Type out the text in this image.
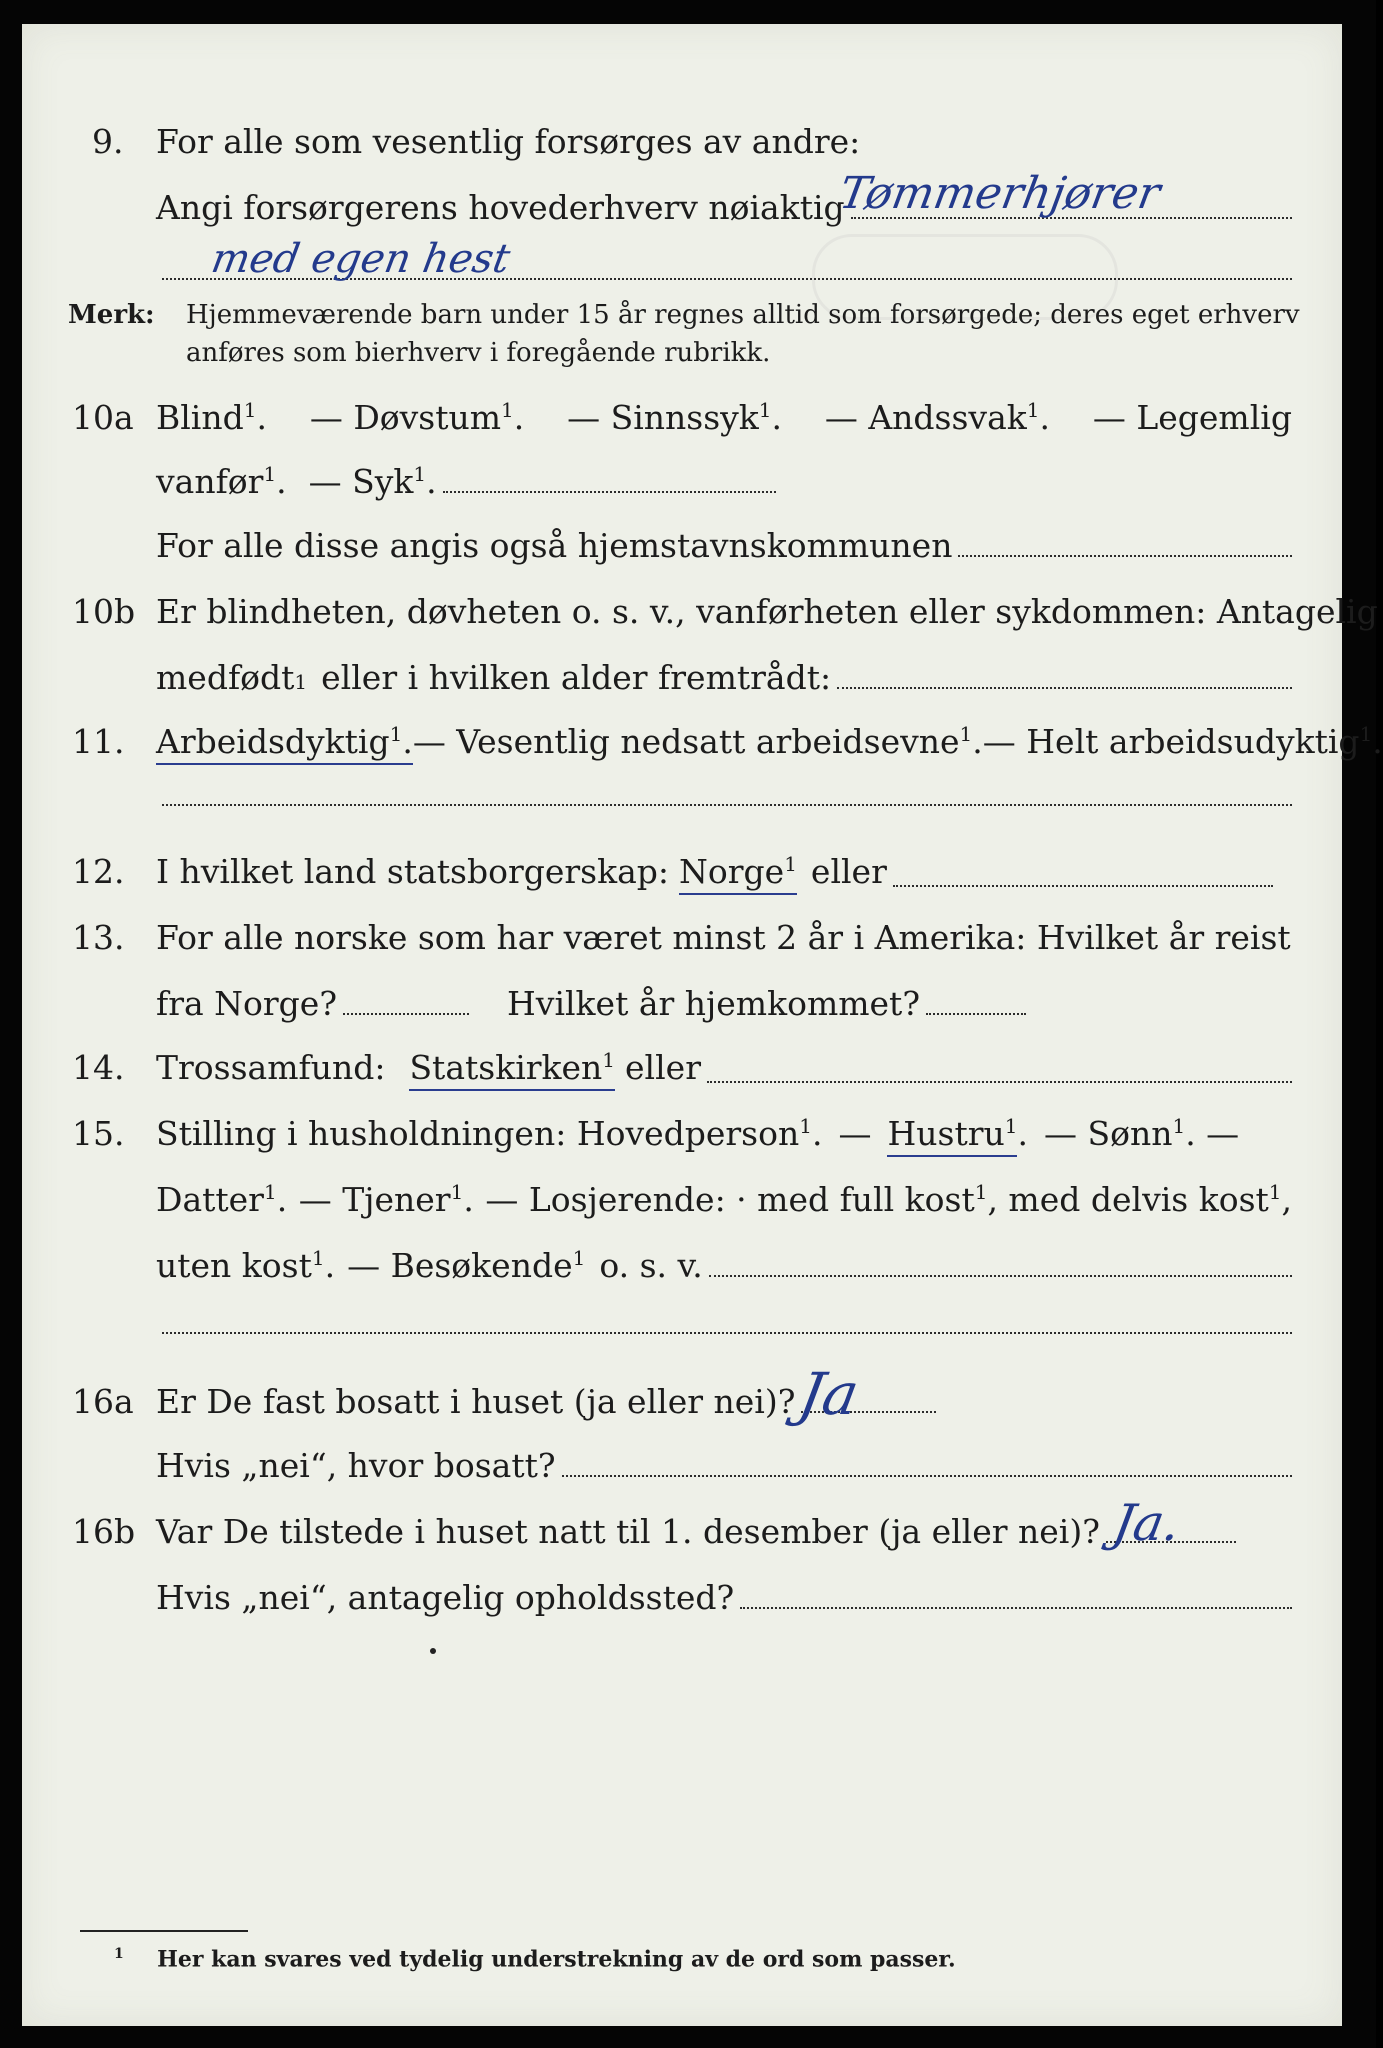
9. For alle som vesentlig forsørges av andre:
Angi forsørgerens hovederhverv nøiaktig
Tømmerhjører
med egen hest
Merk: Hjemmeværende barn under 15 år regnes alltid som forsørgede; deres eget erhverv
anføres som bierhverv i foregående rubrikk.
10a Blind$^1$. — Døvstum$^1$. — Sinnssyk$^1$. — Andssvak$^1$. — Legemlig
vanfør$^1$. — Syk$^1$.
For alle disse angis også hjemstavnskommunen
10b Er blindheten, døvheten o. s. v., vanførheten eller sykdommen: Antagelig
medfødt 1 eller i hvilken alder fremtrådt:
11. Arbeidsdyktig$^1$. — Vesentlig nedsatt arbeidsevne$^1$. — Helt arbeidsudyktig$^1$.
12. I hvilket land statsborgerskap: Norge$^1$ eller
13. For alle norske som har været minst 2 år i Amerika: Hvilket år reist
fra Norge?	Hvilket år hjemkommet?
14. Trossamfund: Statskirken$^1$ eller
15. Stilling i husholdningen: Hovedperson$^1$. — Hustru$^1$ . — Sønn$^1$. —
Datter$^1$. — Tjener$^1$. — Losjerende: · med full kost$^1$ , med delvis kost$^1$,
uten kost$^1$. — Besøkende$^1$ o. s. v.
16a Er De fast bosatt i huset (ja eller nei)?
Ja
Hvis „nei“, hvor bosatt?
16b Var De tilstede i huset natt til 1. desember (ja eller nei)? Ja.
Hvis „nei“, antagelig opholdssted?
$^1$ Her kan svares ved tydelig understrekning av de ord som passer.
